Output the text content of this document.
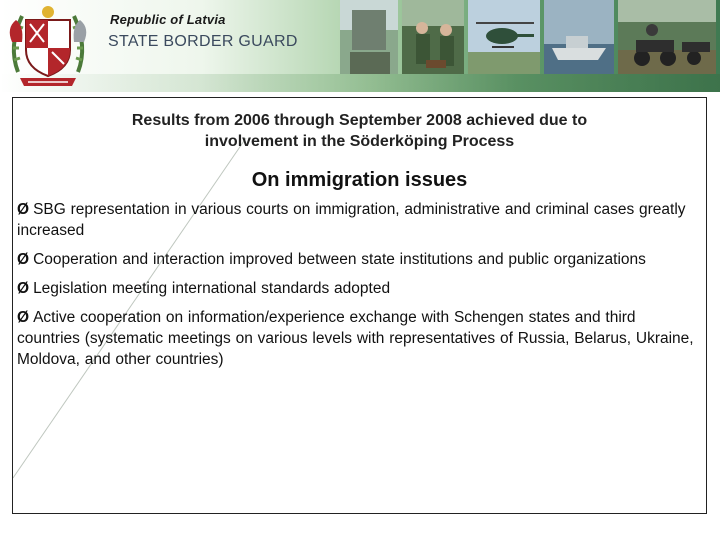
Republic of Latvia
STATE BORDER GUARD
Results from 2006 through September 2008 achieved due to
involvement in the Söderköping Process
On immigration issues
Ø SBG representation in various courts on immigration, administrative and criminal cases greatly increased
Ø Cooperation and interaction improved between state institutions and public organizations
Ø Legislation meeting international standards adopted
Ø Active cooperation on information/experience exchange with Schengen states and third countries (systematic meetings on various levels with representatives of Russia, Belarus, Ukraine, Moldova, and other countries)
